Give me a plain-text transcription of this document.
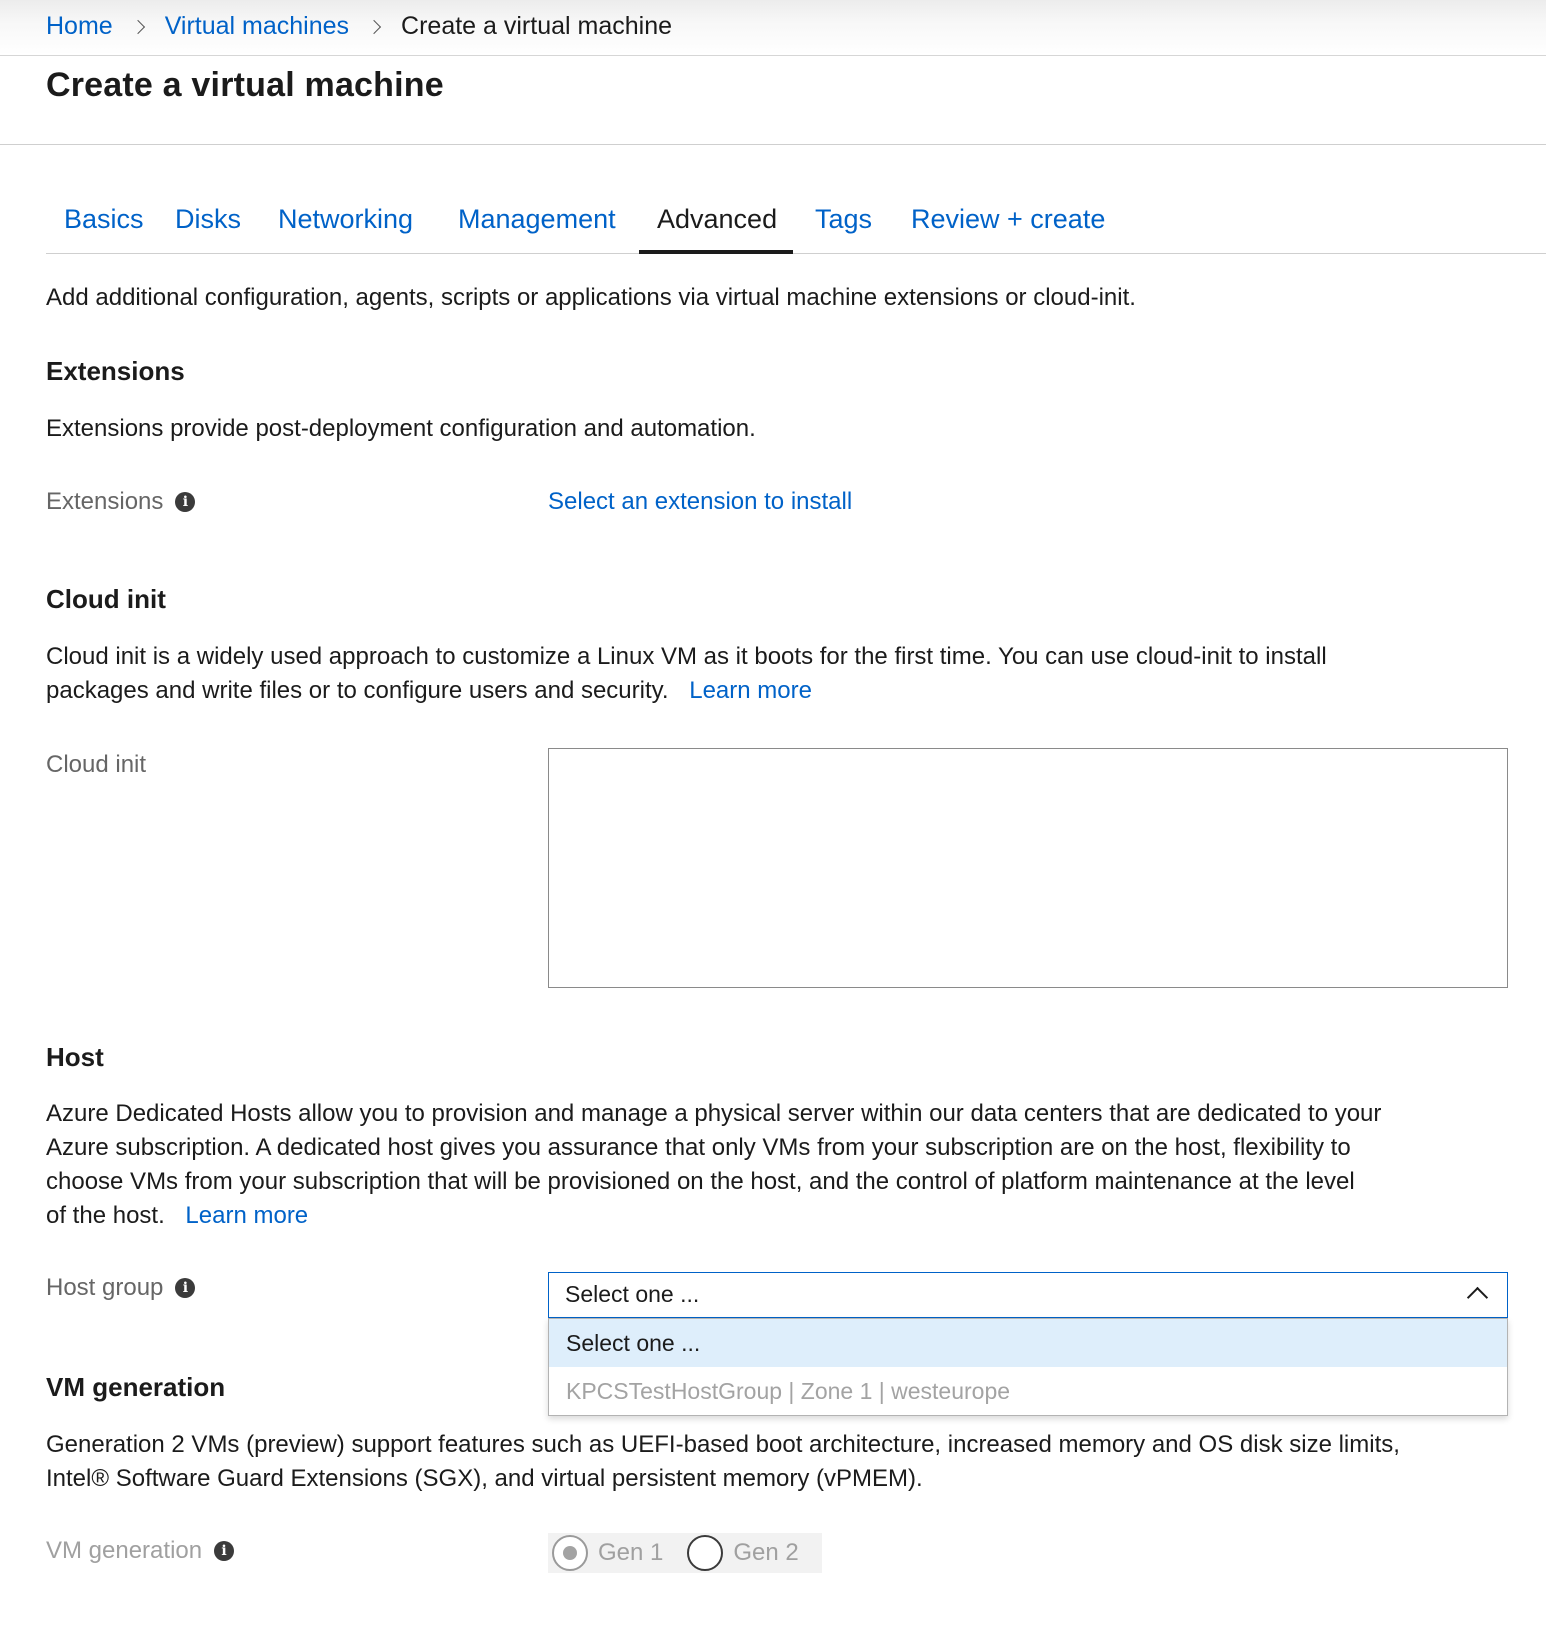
Home Virtual machines Create a virtual machine
Create a virtual machine
Basics Disks Networking Management Advanced Tags Review + create

Add additional configuration, agents, scripts or applications via virtual machine extensions or cloud-init.

Extensions

Extensions provide post-deployment configuration and automation.

Extensions	i	Select an extension to install
Cloud init

Cloud init is a widely used approach to customize a Linux VM as it boots for the first time. You can use cloud-init to install

packages and write files or to configure users and security. Learn more

Cloud init
Host

Azure Dedicated Hosts allow you to provision and manage a physical server within our data centers that are dedicated to your

Azure subscription. A dedicated host gives you assurance that only VMs from your subscription are on the host, flexibility to

choose VMs from your subscription that will be provisioned on the host, and the control of platform maintenance at the level

of the host. Learn more

Host group	i	Select one ...
VM generation

Generation 2 VMs (preview) support features such as UEFI-based boot architecture, increased memory and OS disk size limits,

Intel® Software Guard Extensions (SGX), and virtual persistent memory (vPMEM).

VM generation	i	Gen 1	Gen 2
Select one ...
KPCSTestHostGroup | Zone 1 | westeurope
